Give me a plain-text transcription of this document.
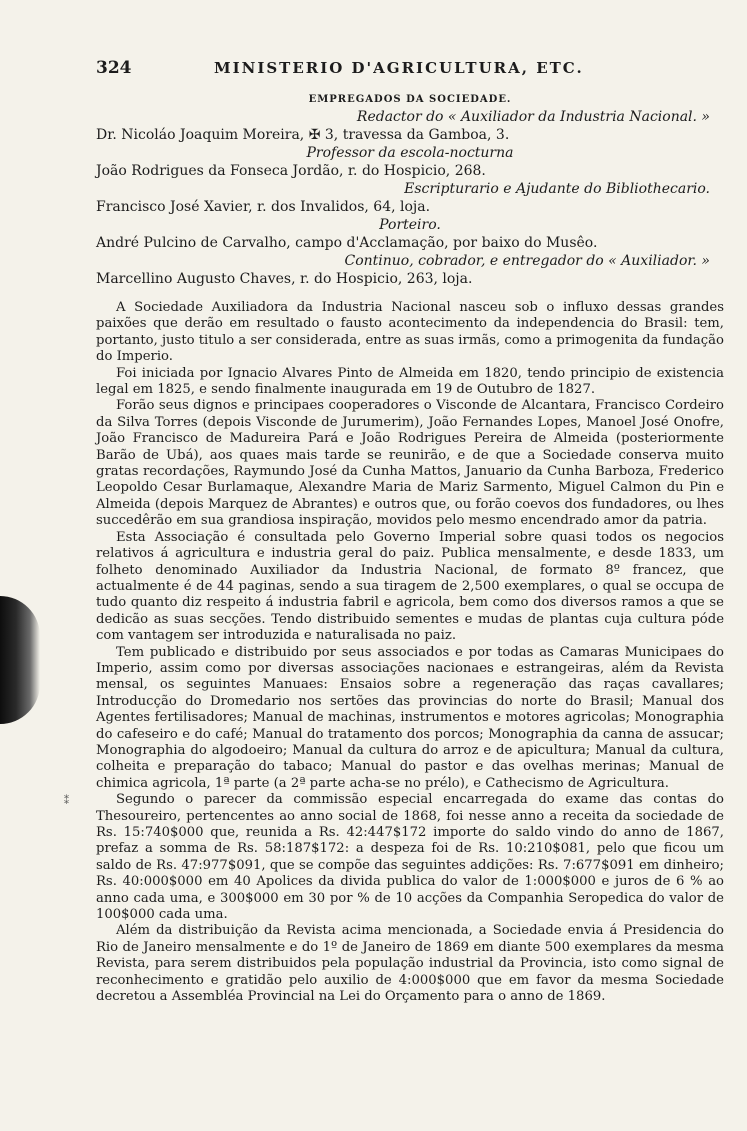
⁑
324	MINISTERIO D'AGRICULTURA, ETC.
EMPREGADOS DA SOCIEDADE.
Redactor do « Auxiliador da Industria Nacional. »
Dr. Nicoláo Joaquim Moreira, ✠ 3, travessa da Gamboa, 3.
Professor da escola-nocturna
João Rodrigues da Fonseca Jordão, r. do Hospicio, 268.
Escripturario e Ajudante do Bibliothecario.
Francisco José Xavier, r. dos Invalidos, 64, loja.
Porteiro.
André Pulcino de Carvalho, campo d'Acclamação, por baixo do Musêo.
Continuo, cobrador, e entregador do « Auxiliador. »
Marcellino Augusto Chaves, r. do Hospicio, 263, loja.

A Sociedade Auxiliadora da Industria Nacional nasceu sob o influxo dessas grandes paixões que derão em resultado o fausto acontecimento da independencia do Brasil: tem, portanto, justo titulo a ser considerada, entre as suas irmãs, como a primogenita da fundação do Imperio.

Foi iniciada por Ignacio Alvares Pinto de Almeida em 1820, tendo principio de existencia legal em 1825, e sendo finalmente inaugurada em 19 de Outubro de 1827.

Forão seus dignos e principaes cooperadores o Visconde de Alcantara, Francisco Cordeiro da Silva Torres (depois Visconde de Jurumerim), João Fernandes Lopes, Manoel José Onofre, João Francisco de Madureira Pará e João Rodrigues Pereira de Almeida (posteriormente Barão de Ubá), aos quaes mais tarde se reunirão, e de que a Sociedade conserva muito gratas recordações, Raymundo José da Cunha Mattos, Januario da Cunha Barboza, Frederico Leopoldo Cesar Burlamaque, Alexandre Maria de Mariz Sarmento, Miguel Calmon du Pin e Almeida (depois Marquez de Abrantes) e outros que, ou forão coevos dos fundadores, ou lhes succedêrão em sua grandiosa inspiração, movidos pelo mesmo encendrado amor da patria.

Esta Associação é consultada pelo Governo Imperial sobre quasi todos os negocios relativos á agricultura e industria geral do paiz. Publica mensalmente, e desde 1833, um folheto denominado Auxiliador da Industria Nacional, de formato 8º francez, que actualmente é de 44 paginas, sendo a sua tiragem de 2,500 exemplares, o qual se occupa de tudo quanto diz respeito á industria fabril e agricola, bem como dos diversos ramos a que se dedicão as suas secções. Tendo distribuido sementes e mudas de plantas cuja cultura póde com vantagem ser introduzida e naturalisada no paiz.

Tem publicado e distribuido por seus associados e por todas as Camaras Municipaes do Imperio, assim como por diversas associações nacionaes e estrangeiras, além da Revista mensal, os seguintes Manuaes: Ensaios sobre a regeneração das raças cavallares; Introducção do Dromedario nos sertões das provincias do norte do Brasil; Manual dos Agentes fertilisadores; Manual de machinas, instrumentos e motores agricolas; Monographia do cafeseiro e do café; Manual do tratamento dos porcos; Monographia da canna de assucar; Monographia do algodoeiro; Manual da cultura do arroz e de apicultura; Manual da cultura, colheita e preparação do tabaco; Manual do pastor e das ovelhas merinas; Manual de chimica agricola, 1ª parte (a 2ª parte acha-se no prélo), e Cathecismo de Agricultura.

Segundo o parecer da commissão especial encarregada do exame das contas do Thesoureiro, pertencentes ao anno social de 1868, foi nesse anno a receita da sociedade de Rs. 15:740$000 que, reunida a Rs. 42:447$172 importe do saldo vindo do anno de 1867, prefaz a somma de Rs. 58:187$172: a despeza foi de Rs. 10:210$081, pelo que ficou um saldo de Rs. 47:977$091, que se compõe das seguintes addições: Rs. 7:677$091 em dinheiro; Rs. 40:000$000 em 40 Apolices da divida publica do valor de 1:000$000 e juros de 6 % ao anno cada uma, e 300$000 em 30 por % de 10 acções da Companhia Seropedica do valor de 100$000 cada uma.

Além da distribuição da Revista acima mencionada, a Sociedade envia á Presidencia do Rio de Janeiro mensalmente e do 1º de Janeiro de 1869 em diante 500 exemplares da mesma Revista, para serem distribuidos pela população industrial da Provincia, isto como signal de reconhecimento e gratidão pelo auxilio de 4:000$000 que em favor da mesma Sociedade decretou a Assembléa Provincial na Lei do Orçamento para o anno de 1869.
